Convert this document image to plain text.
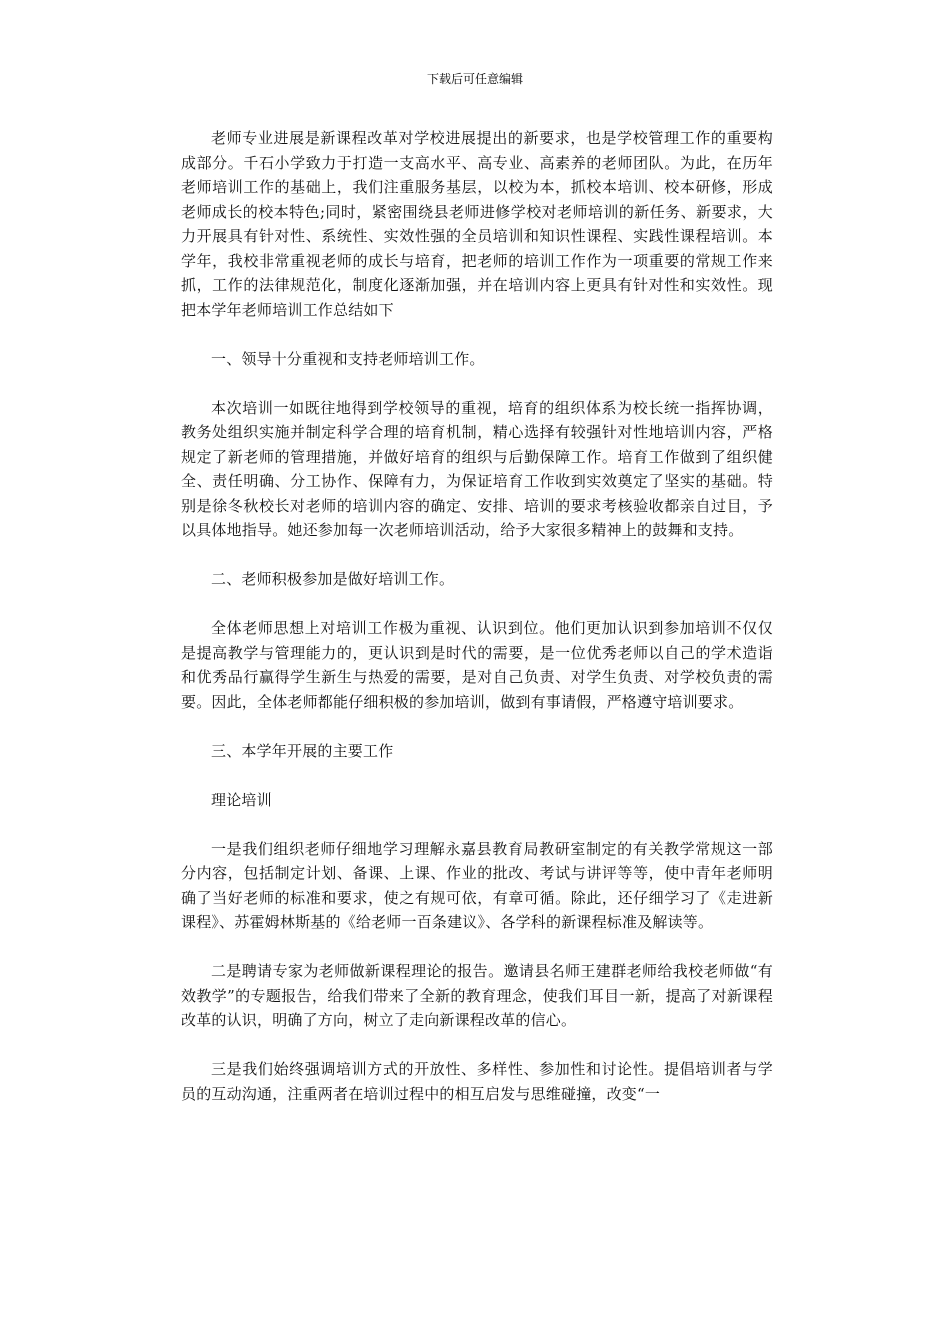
下载后可任意编辑

老师专业进展是新课程改革对学校进展提出的新要求，也是学校管理工作的重要构成部分。千石小学致力于打造一支高水平、高专业、高素养的老师团队。为此，在历年老师培训工作的基础上，我们注重服务基层，以校为本，抓校本培训、校本研修，形成老师成长的校本特色;同时，紧密围绕县老师进修学校对老师培训的新任务、新要求，大力开展具有针对性、系统性、实效性强的全员培训和知识性课程、实践性课程培训。本学年，我校非常重视老师的成长与培育，把老师的培训工作作为一项重要的常规工作来抓，工作的法律规范化，制度化逐渐加强，并在培训内容上更具有针对性和实效性。现把本学年老师培训工作总结如下

一、领导十分重视和支持老师培训工作。

本次培训一如既往地得到学校领导的重视，培育的组织体系为校长统一指挥协调，教务处组织实施并制定科学合理的培育机制，精心选择有较强针对性地培训内容，严格规定了新老师的管理措施，并做好培育的组织与后勤保障工作。培育工作做到了组织健全、责任明确、分工协作、保障有力，为保证培育工作收到实效奠定了坚实的基础。特别是徐冬秋校长对老师的培训内容的确定、安排、培训的要求考核验收都亲自过目，予以具体地指导。她还参加每一次老师培训活动，给予大家很多精神上的鼓舞和支持。

二、老师积极参加是做好培训工作。

全体老师思想上对培训工作极为重视、认识到位。他们更加认识到参加培训不仅仅是提高教学与管理能力的，更认识到是时代的需要，是一位优秀老师以自己的学术造诣和优秀品行赢得学生新生与热爱的需要，是对自己负责、对学生负责、对学校负责的需要。因此，全体老师都能仔细积极的参加培训，做到有事请假，严格遵守培训要求。

三、本学年开展的主要工作

理论培训

一是我们组织老师仔细地学习理解永嘉县教育局教研室制定的有关教学常规这一部分内容，包括制定计划、备课、上课、作业的批改、考试与讲评等等，使中青年老师明确了当好老师的标准和要求，使之有规可依，有章可循。除此，还仔细学习了《走进新课程》、苏霍姆林斯基的《给老师一百条建议》、各学科的新课程标准及解读等。

二是聘请专家为老师做新课程理论的报告。邀请县名师王建群老师给我校老师做“有效教学”的专题报告，给我们带来了全新的教育理念，使我们耳目一新，提高了对新课程改革的认识，明确了方向，树立了走向新课程改革的信心。

三是我们始终强调培训方式的开放性、多样性、参加性和讨论性。提倡培训者与学员的互动沟通，注重两者在培训过程中的相互启发与思维碰撞，改变“一
